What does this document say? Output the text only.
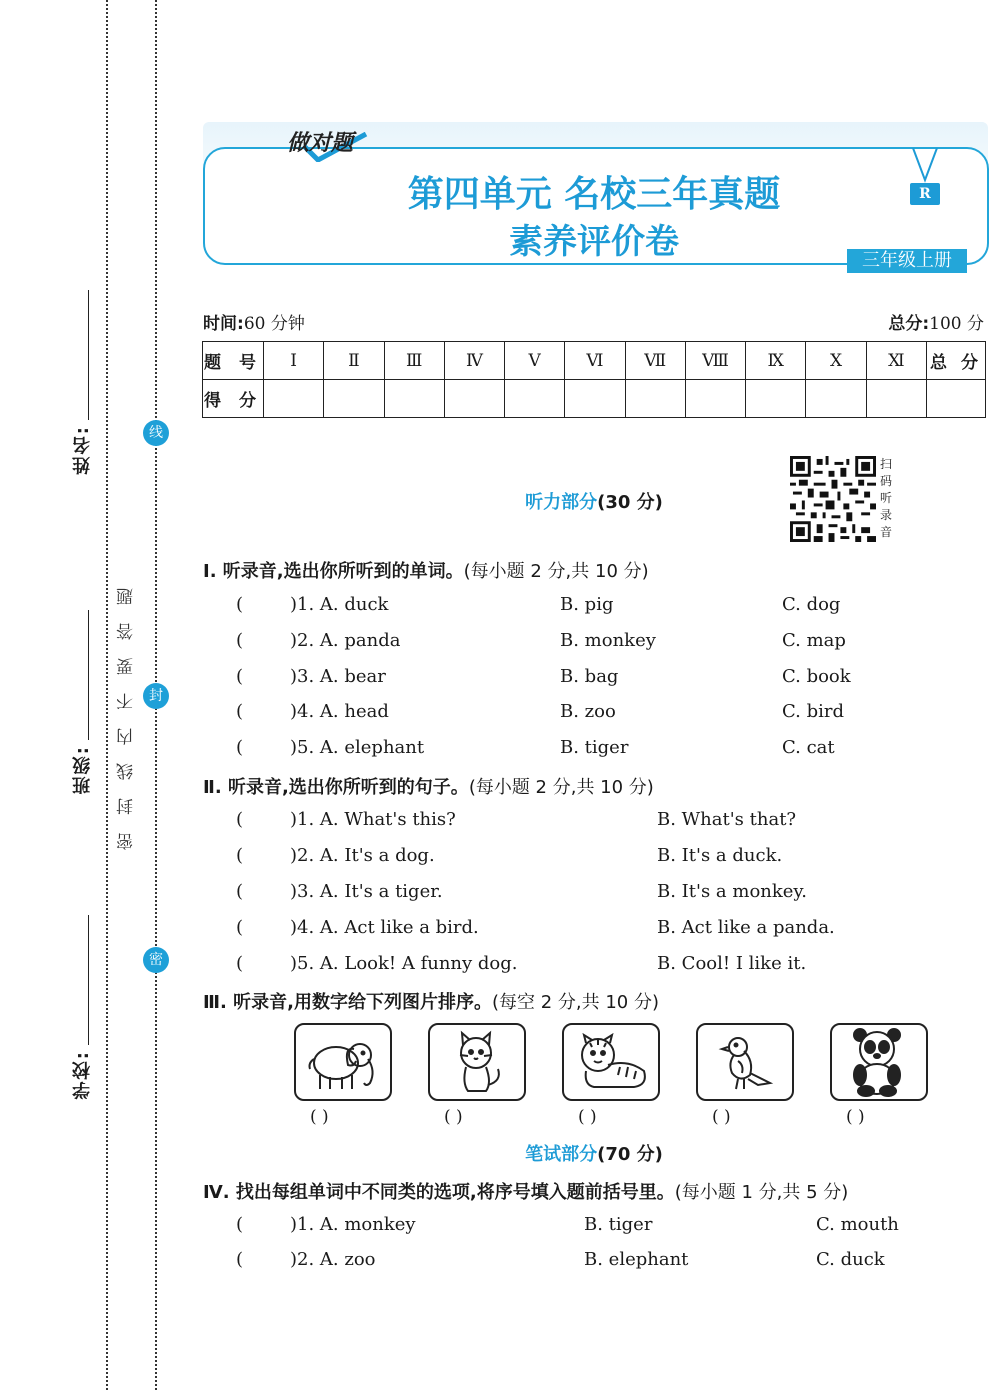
姓名:
班级:
学校:
线
封
密
密封线内不要答题
做对题
第四单元 名校三年真题
素养评价卷
R
三年级上册
时间:60 分钟	总分:100 分
题 号	Ⅰ	Ⅱ	Ⅲ	Ⅳ	Ⅴ	Ⅵ	Ⅶ	Ⅷ	Ⅸ	Ⅹ	Ⅺ	总 分
得 分												
扫码听录音
听力部分(30 分)
Ⅰ. 听录音,选出你所听到的单词。(每小题 2 分,共 10 分)
(	)1. A. duck	B. pig	C. dog
(	)2. A. panda	B. monkey	C. map
(	)3. A. bear	B. bag	C. book
(	)4. A. head	B. zoo	C. bird
(	)5. A. elephant	B. tiger	C. cat
Ⅱ. 听录音,选出你所听到的句子。(每小题 2 分,共 10 分)
(	)1. A. What's this?	B. What's that?
(	)2. A. It's a dog.	B. It's a duck.
(	)3. A. It's a tiger.	B. It's a monkey.
(	)4. A. Act like a bird.	B. Act like a panda.
(	)5. A. Look! A funny dog.	B. Cool! I like it.
Ⅲ. 听录音,用数字给下列图片排序。(每空 2 分,共 10 分)
( )	( )	( )	( )	( )
笔试部分(70 分)
Ⅳ. 找出每组单词中不同类的选项,将序号填入题前括号里。(每小题 1 分,共 5 分)
(	)1. A. monkey	B. tiger	C. mouth
(	)2. A. zoo	B. elephant	C. duck
